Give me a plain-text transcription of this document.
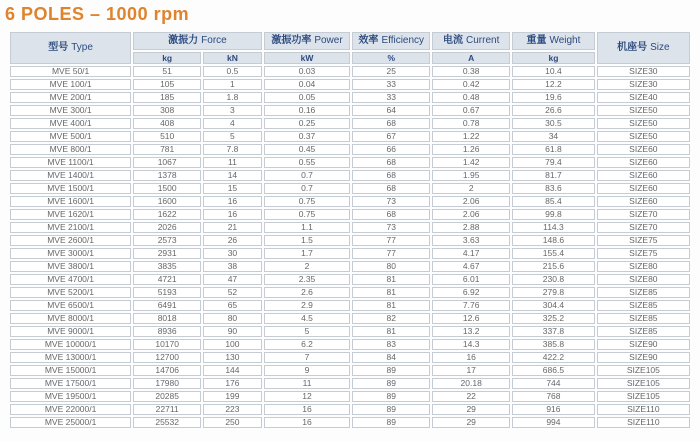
6 POLES – 1000 rpm
型号 Type	激振力 Force		激振功率 Power	效率 Efficiency	电流 Current	重量 Weight	机座号 Size
	kg	kN	kW	%	A	kg	
MVE 50/1	51	0.5	0.03	25	0.38	10.4	SIZE30
MVE 100/1	105	1	0.04	33	0.42	12.2	SIZE30
MVE 200/1	185	1.8	0.05	33	0.48	19.6	SIZE40
MVE 300/1	308	3	0.16	64	0.67	26.6	SIZE50
MVE 400/1	408	4	0.25	68	0.78	30.5	SIZE50
MVE 500/1	510	5	0.37	67	1.22	34	SIZE50
MVE 800/1	781	7.8	0.45	66	1.26	61.8	SIZE60
MVE 1100/1	1067	11	0.55	68	1.42	79.4	SIZE60
MVE 1400/1	1378	14	0.7	68	1.95	81.7	SIZE60
MVE 1500/1	1500	15	0.7	68	2	83.6	SIZE60
MVE 1600/1	1600	16	0.75	73	2.06	85.4	SIZE60
MVE 1620/1	1622	16	0.75	68	2.06	99.8	SIZE70
MVE 2100/1	2026	21	1.1	73	2.88	114.3	SIZE70
MVE 2600/1	2573	26	1.5	77	3.63	148.6	SIZE75
MVE 3000/1	2931	30	1.7	77	4.17	155.4	SIZE75
MVE 3800/1	3835	38	2	80	4.67	215.6	SIZE80
MVE 4700/1	4721	47	2.35	81	6.01	230.8	SIZE80
MVE 5200/1	5193	52	2.6	81	6.92	279.8	SIZE85
MVE 6500/1	6491	65	2.9	81	7.76	304.4	SIZE85
MVE 8000/1	8018	80	4.5	82	12.6	325.2	SIZE85
MVE 9000/1	8936	90	5	81	13.2	337.8	SIZE85
MVE 10000/1	10170	100	6.2	83	14.3	385.8	SIZE90
MVE 13000/1	12700	130	7	84	16	422.2	SIZE90
MVE 15000/1	14706	144	9	89	17	686.5	SIZE105
MVE 17500/1	17980	176	11	89	20.18	744	SIZE105
MVE 19500/1	20285	199	12	89	22	768	SIZE105
MVE 22000/1	22711	223	16	89	29	916	SIZE110
MVE 25000/1	25532	250	16	89	29	994	SIZE110
